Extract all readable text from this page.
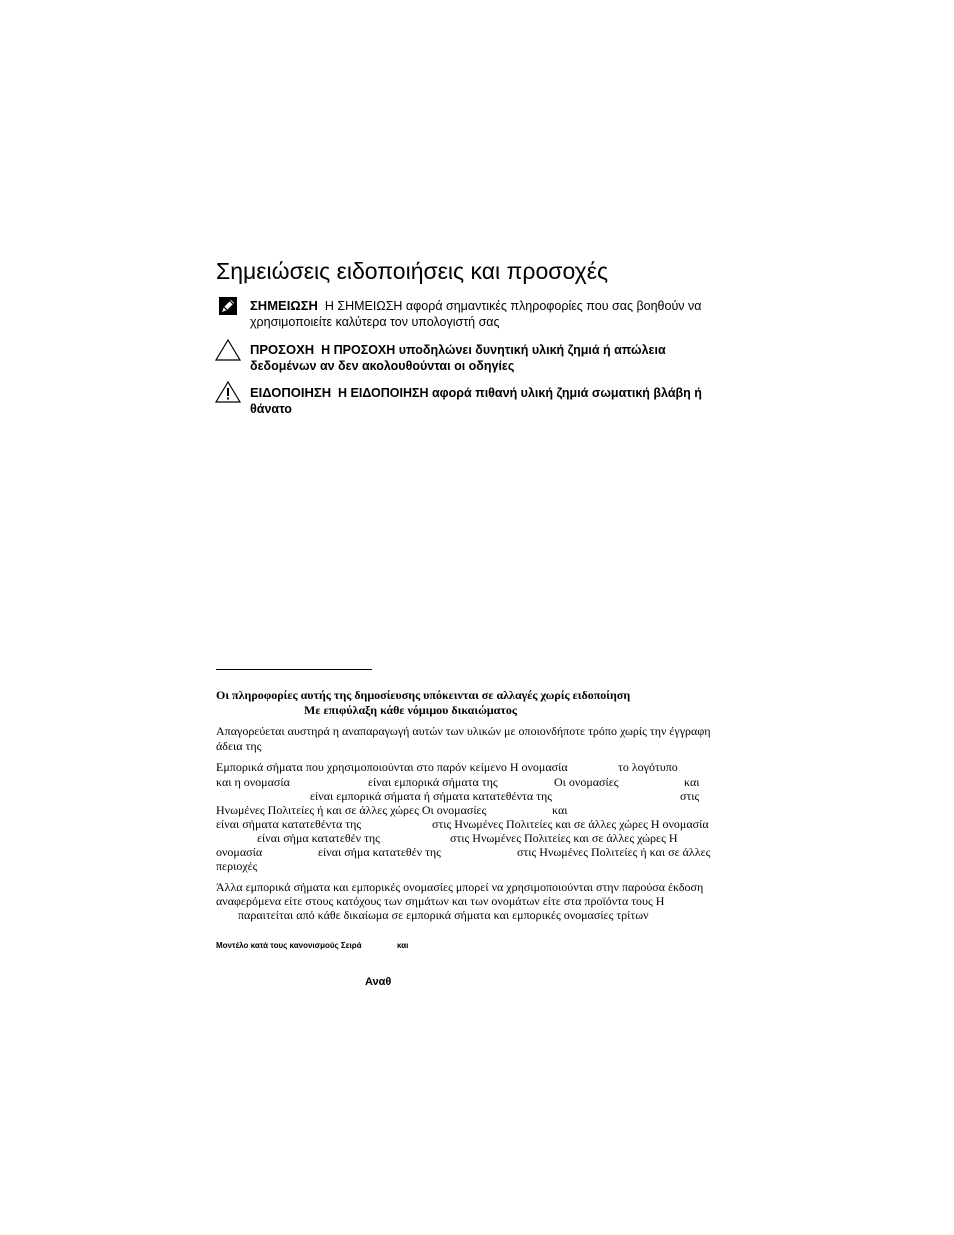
Σημειώσεις ειδοποιήσεις και προσοχές
ΣΗΜΕΙΩΣΗ Η ΣΗΜΕΙΩΣΗ αφορά σημαντικές πληροφορίες που σας βοηθούν να
χρησιμοποιείτε καλύτερα τον υπολογιστή σας
ΠΡΟΣΟΧΗ Η ΠΡΟΣΟΧΗ υποδηλώνει δυνητική υλική ζημιά ή απώλεια
δεδομένων αν δεν ακολουθούνται οι οδηγίες
ΕΙΔΟΠΟΙΗΣΗ Η ΕΙΔΟΠΟΙΗΣΗ αφορά πιθανή υλική ζημιά σωματική βλάβη ή
θάνατο
Οι πληροφορίες αυτής της δημοσίευσης υπόκεινται σε αλλαγές χωρίς ειδοποίηση
Με επιφύλαξη κάθε νόμιμου δικαιώματος
Απαγορεύεται αυστηρά η αναπαραγωγή αυτών των υλικών με οποιονδήποτε τρόπο χωρίς την έγγραφη
άδεια της
Εμπορικά σήματα που χρησιμοποιούνται στο παρόν κείμενο Η ονομασία	το λογότυπο
και η ονομασία	είναι εμπορικά σήματα της	Οι ονομασίες	και
είναι εμπορικά σήματα ή σήματα κατατεθέντα της	στις
Ηνωμένες Πολιτείες ή και σε άλλες χώρες Οι ονομασίες	και
είναι σήματα κατατεθέντα της	στις Ηνωμένες Πολιτείες και σε άλλες χώρες Η ονομασία
είναι σήμα κατατεθέν της	στις Ηνωμένες Πολιτείες και σε άλλες χώρες Η
ονομασία	είναι σήμα κατατεθέν της	στις Ηνωμένες Πολιτείες ή και σε άλλες
περιοχές
Άλλα εμπορικά σήματα και εμπορικές ονομασίες μπορεί να χρησιμοποιούνται στην παρούσα έκδοση
αναφερόμενα είτε στους κατόχους των σημάτων και των ονομάτων είτε στα προϊόντα τους Η
παραιτείται από κάθε δικαίωμα σε εμπορικά σήματα και εμπορικές ονομασίες τρίτων
Μοντέλο κατά τους κανονισμούς Σειρά	και
Αναθ
